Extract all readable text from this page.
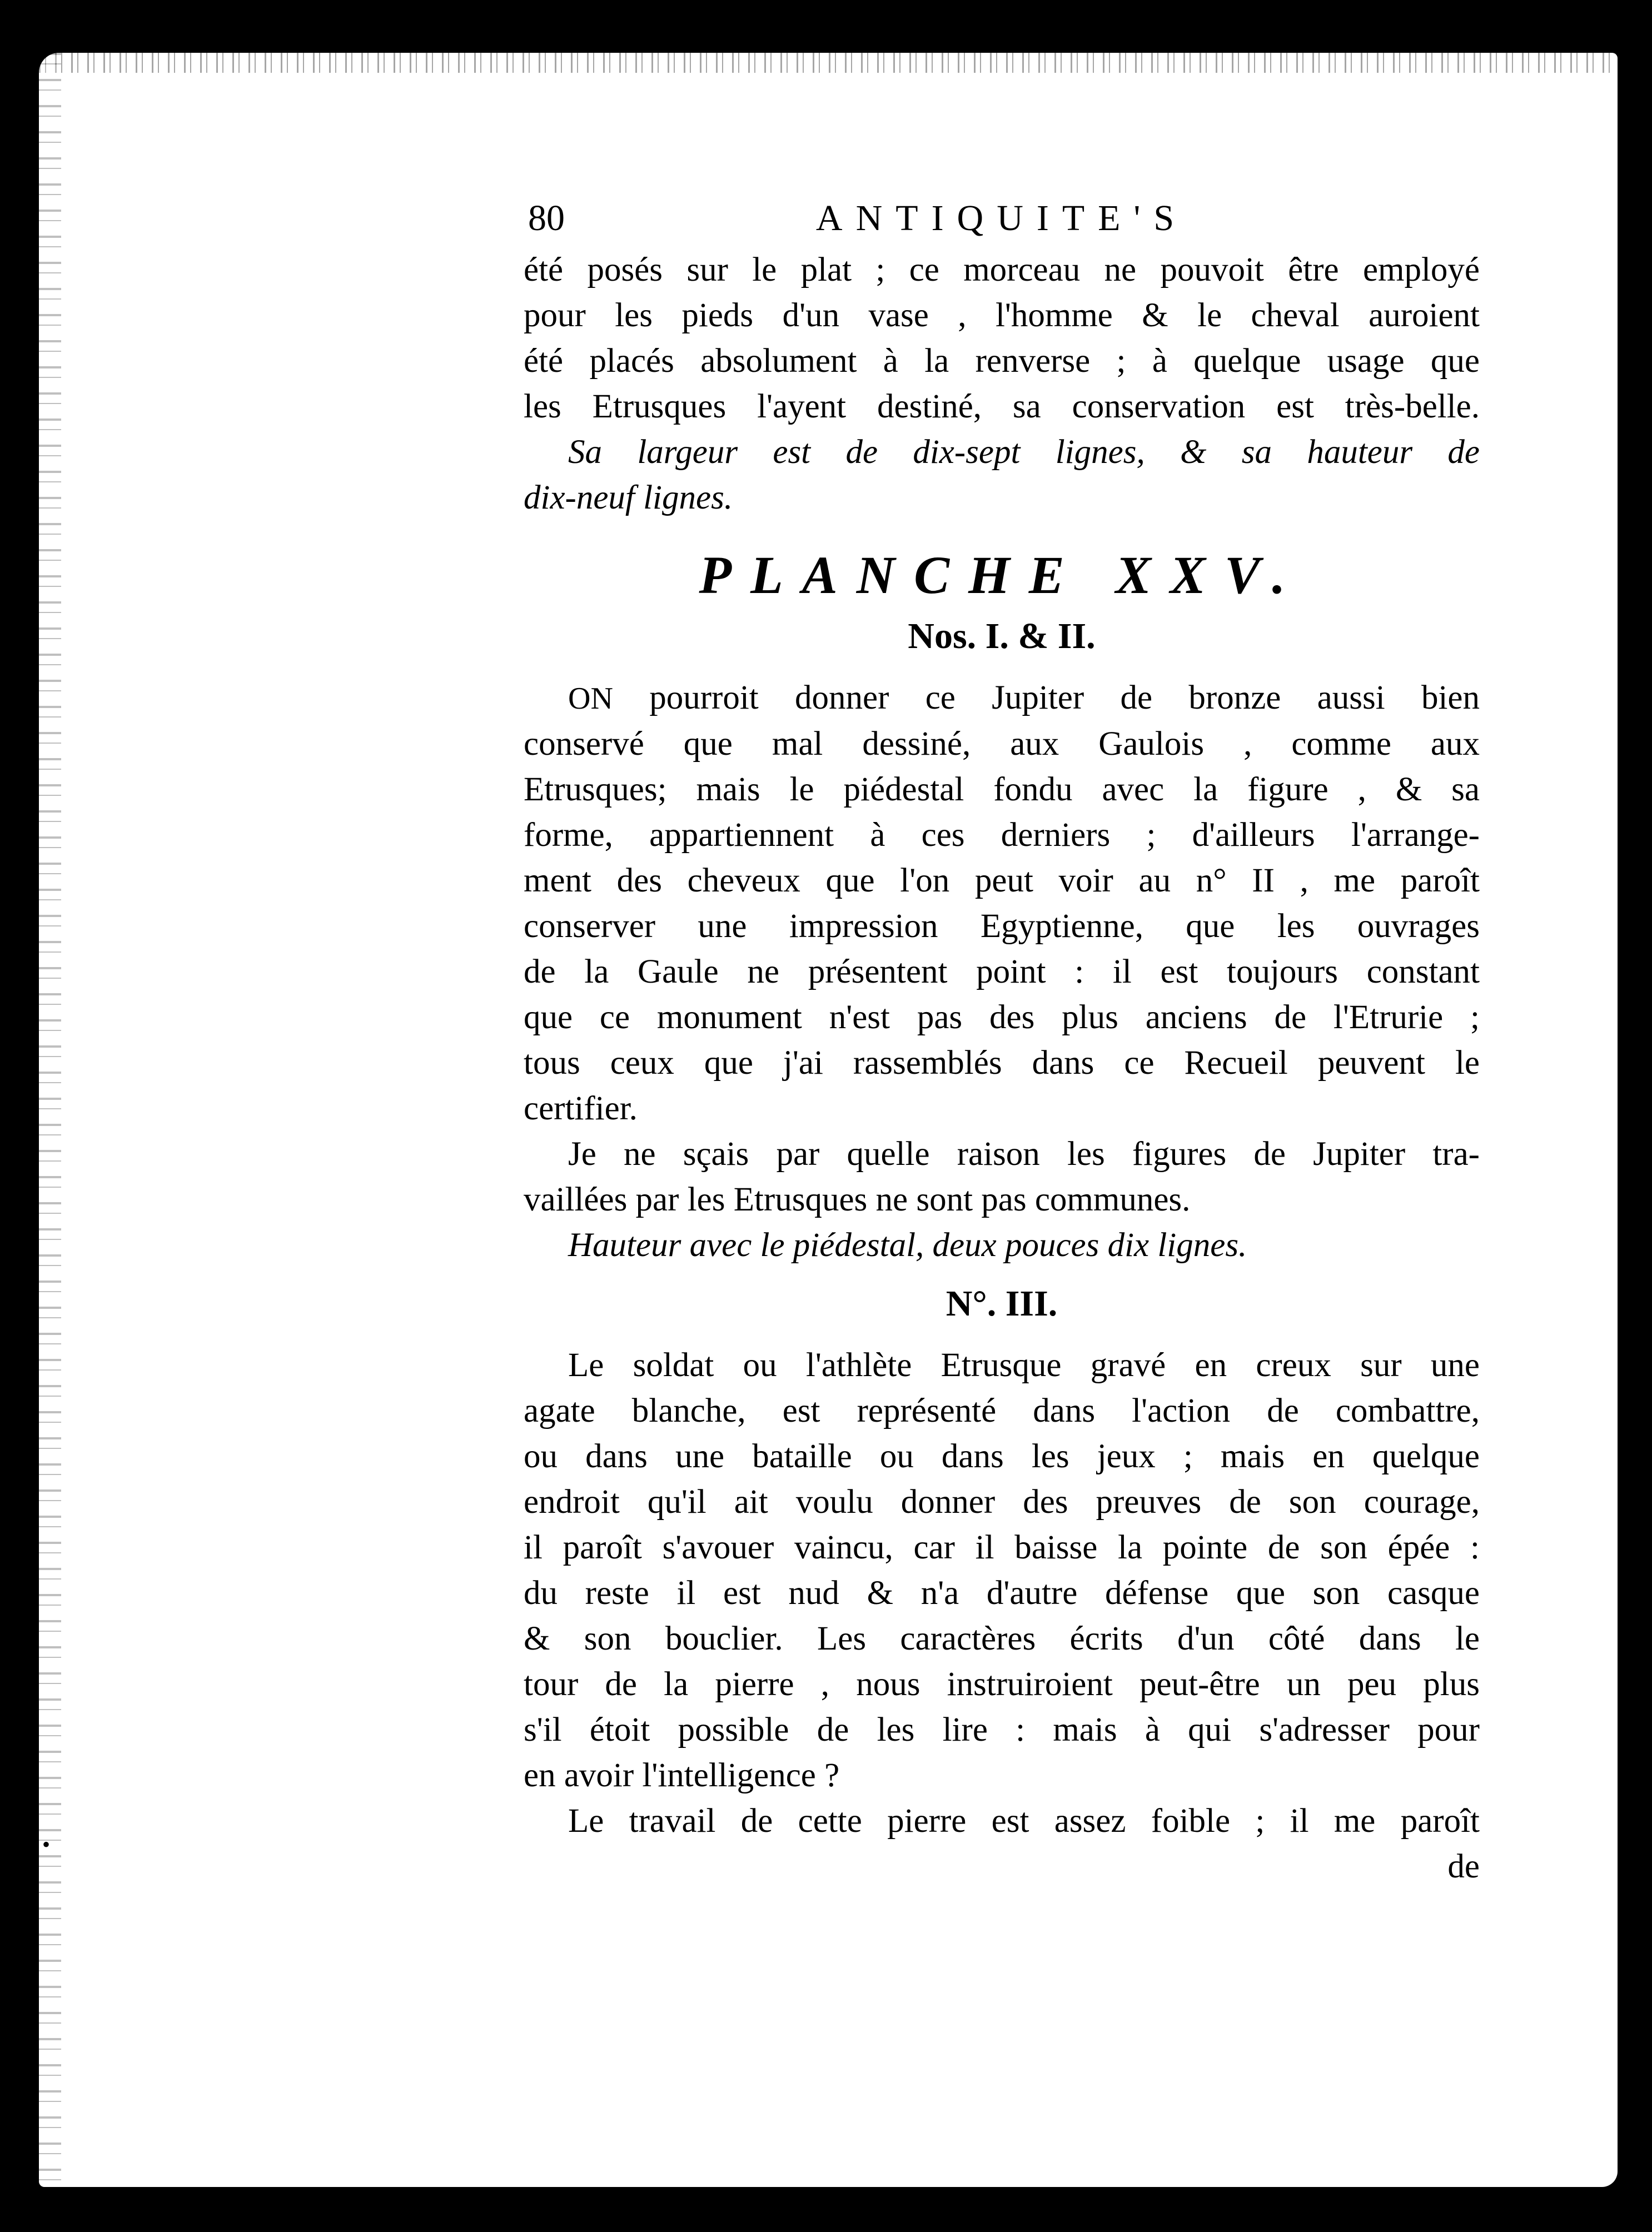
80	ANTIQUITE'S

été posés sur le plat ; ce morceau ne pouvoit être employé

pour les pieds d'un vase , l'homme & le cheval auroient

été placés absolument à la renverse ; à quelque usage que

les Etrusques l'ayent destiné, sa conservation est très-belle.

Sa largeur est de dix-sept lignes, & sa hauteur de

dix-neuf lignes.

PLANCHE XXV.
Nos. I. & II.

ON pourroit donner ce Jupiter de bronze aussi bien

conservé que mal dessiné, aux Gaulois , comme aux

Etrusques; mais le piédestal fondu avec la figure , & sa

forme, appartiennent à ces derniers ; d'ailleurs l'arrange-

ment des cheveux que l'on peut voir au n° II , me paroît

conserver une impression Egyptienne, que les ouvrages

de la Gaule ne présentent point : il est toujours constant

que ce monument n'est pas des plus anciens de l'Etrurie ;

tous ceux que j'ai rassemblés dans ce Recueil peuvent le

certifier.

Je ne sçais par quelle raison les figures de Jupiter tra-

vaillées par les Etrusques ne sont pas communes.

Hauteur avec le piédestal, deux pouces dix lignes.

N°. III.

Le soldat ou l'athlète Etrusque gravé en creux sur une

agate blanche, est représenté dans l'action de combattre,

ou dans une bataille ou dans les jeux ; mais en quelque

endroit qu'il ait voulu donner des preuves de son courage,

il paroît s'avouer vaincu, car il baisse la pointe de son épée :

du reste il est nud & n'a d'autre défense que son casque

& son bouclier. Les caractères écrits d'un côté dans le

tour de la pierre , nous instruiroient peut-être un peu plus

s'il étoit possible de les lire : mais à qui s'adresser pour

en avoir l'intelligence ?

Le travail de cette pierre est assez foible ; il me paroît

de

•
